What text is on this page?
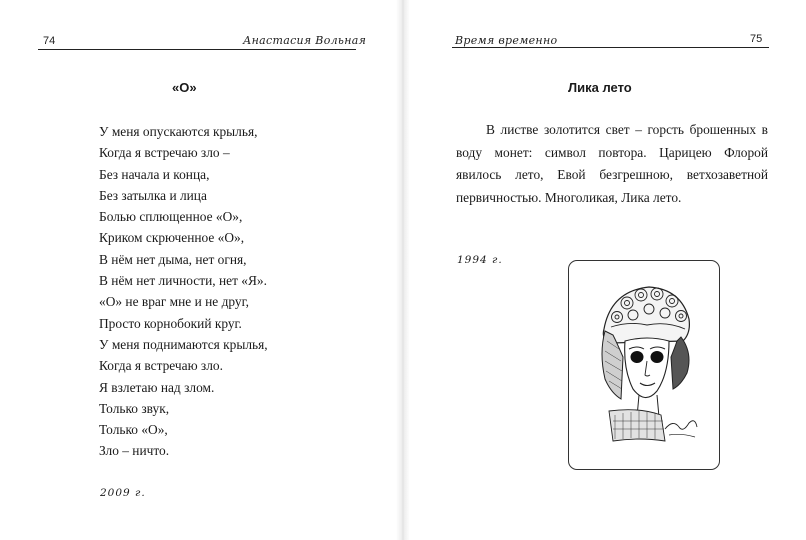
74	Анастасия Вольная
«О»
У меня опускаются крылья,
Когда я встречаю зло –
Без начала и конца,
Без затылка и лица
Болью сплющенное «О»,
Криком скрюченное «О»,
В нём нет дыма, нет огня,
В нём нет личности, нет «Я».
«О» не враг мне и не друг,
Просто корнобокий круг.
У меня поднимаются крылья,
Когда я встречаю зло.
Я взлетаю над злом.
Только звук,
Только «О»,
Зло – ничто.
2009 г.
Время временно	75
Лика лето

В листве золотится свет – горсть брошенных в воду монет: символ повтора. Царицею Флорой явилось лето, Евой безгрешною, ветхозаветной первичностью. Многоликая, Лика лето.

1994 г.
